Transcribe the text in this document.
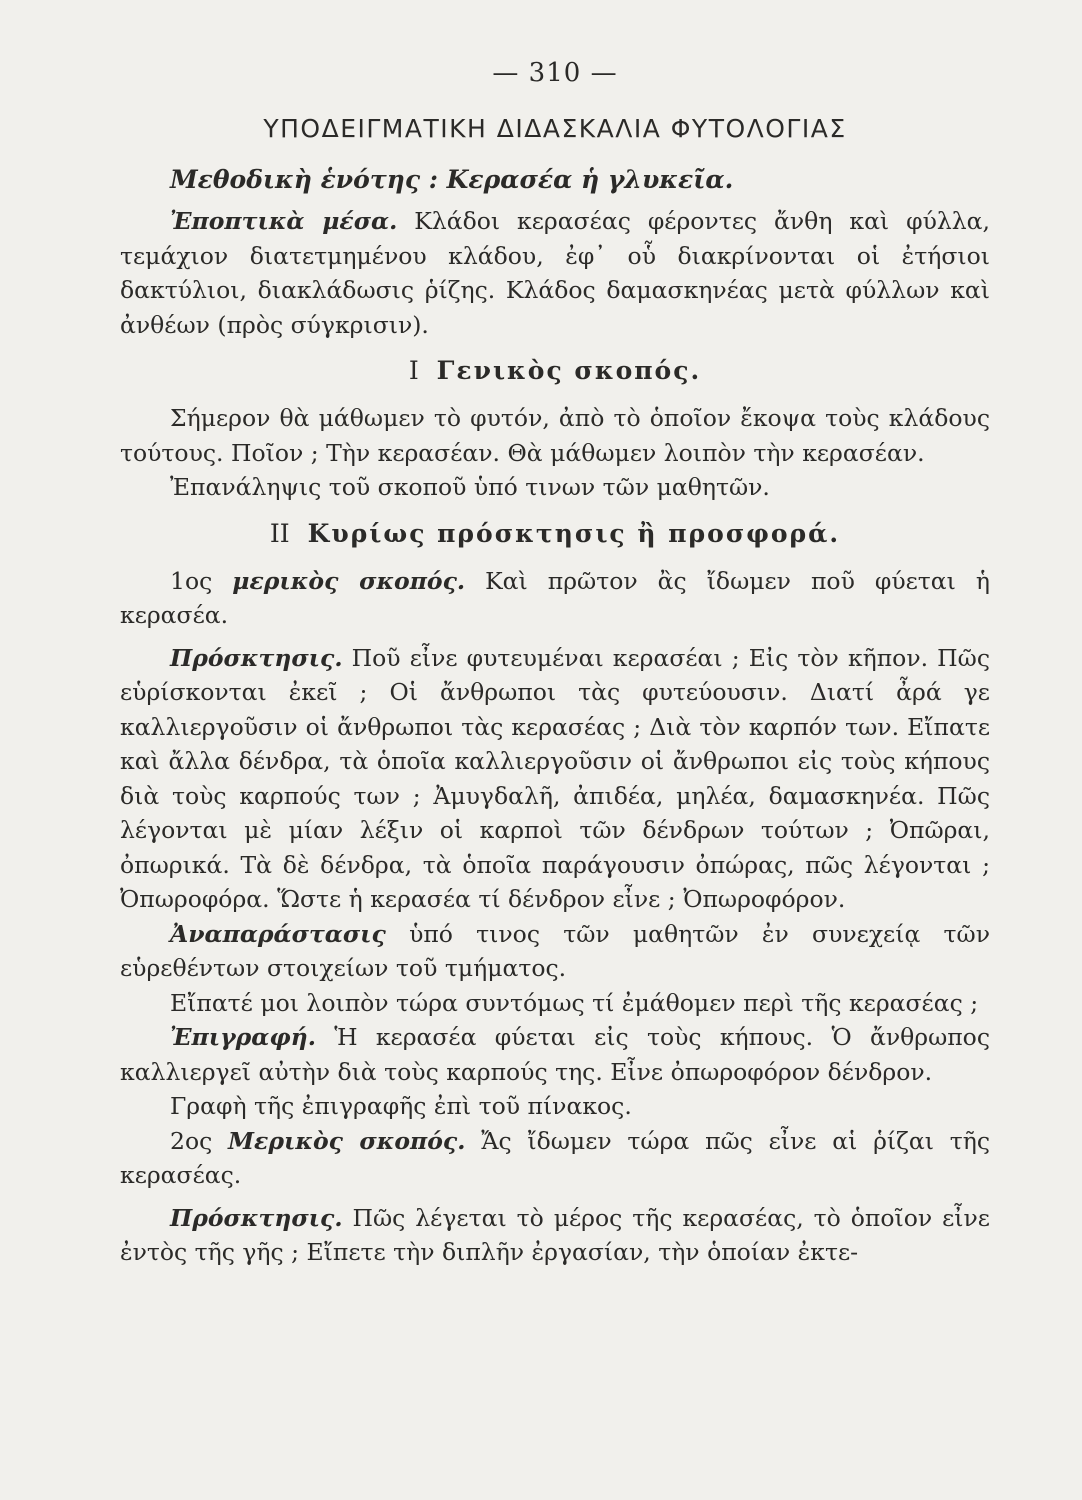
— 310 —
ΥΠΟΔΕΙΓΜΑΤΙΚΗ ΔΙΔΑΣΚΑΛΙΑ ΦΥΤΟΛΟΓΙΑΣ
Μεθοδικὴ ἑνότης : Κερασέα ἡ γλυκεῖα.

Ἐποπτικὰ μέσα. Κλάδοι κερασέας φέροντες ἄνθη καὶ φύλλα, τεμάχιον διατετμημένου κλάδου, ἐφ᾽ οὗ διακρίνονται οἱ ἐτήσιοι δακτύλιοι, διακλάδωσις ῥίζης. Κλάδος δαμασκηνέας μετὰ φύλλων καὶ ἀνθέων (πρὸς σύγκρισιν).

I Γενικὸς σκοπός.

Σήμερον θὰ μάθωμεν τὸ φυτόν, ἀπὸ τὸ ὁποῖον ἔκοψα τοὺς κλάδους τούτους. Ποῖον ; Τὴν κερασέαν. Θὰ μάθωμεν λοιπὸν τὴν κερασέαν.

Ἐπανάληψις τοῦ σκοποῦ ὑπό τινων τῶν μαθητῶν.

II Κυρίως πρόσκτησις ἢ προσφορά.

1ος μερικὸς σκοπός. Καὶ πρῶτον ἂς ἴδωμεν ποῦ φύεται ἡ κερασέα.

Πρόσκτησις. Ποῦ εἶνε φυτευμέναι κερασέαι ; Εἰς τὸν κῆπον. Πῶς εὑρίσκονται ἐκεῖ ; Οἱ ἄνθρωποι τὰς φυτεύουσιν. Διατί ἆρά γε καλλιεργοῦσιν οἱ ἄνθρωποι τὰς κερασέας ; Διὰ τὸν καρπόν των. Εἴπατε καὶ ἄλλα δένδρα, τὰ ὁποῖα καλλιεργοῦσιν οἱ ἄνθρωποι εἰς τοὺς κήπους διὰ τοὺς καρπούς των ; Ἀμυγδαλῆ, ἀπιδέα, μηλέα, δαμασκηνέα. Πῶς λέγονται μὲ μίαν λέξιν οἱ καρποὶ τῶν δένδρων τούτων ; Ὀπῶραι, ὀπωρικά. Τὰ δὲ δένδρα, τὰ ὁποῖα παράγουσιν ὀπώρας, πῶς λέγονται ; Ὀπωροφόρα. Ὥστε ἡ κερασέα τί δένδρον εἶνε ; Ὀπωροφόρον.

Ἀναπαράστασις ὑπό τινος τῶν μαθητῶν ἐν συνεχείᾳ τῶν εὑρεθέντων στοιχείων τοῦ τμήματος.

Εἴπατέ μοι λοιπὸν τώρα συντόμως τί ἐμάθομεν περὶ τῆς κερασέας ;

Ἐπιγραφή. Ἡ κερασέα φύεται εἰς τοὺς κήπους. Ὁ ἄνθρωπος καλλιεργεῖ αὐτὴν διὰ τοὺς καρπούς της. Εἶνε ὀπωροφόρον δένδρον.

Γραφὴ τῆς ἐπιγραφῆς ἐπὶ τοῦ πίνακος.

2ος Μερικὸς σκοπός. Ἄς ἴδωμεν τώρα πῶς εἶνε αἱ ῥίζαι τῆς κερασέας.

Πρόσκτησις. Πῶς λέγεται τὸ μέρος τῆς κερασέας, τὸ ὁποῖον εἶνε ἐντὸς τῆς γῆς ; Εἴπετε τὴν διπλῆν ἐργασίαν, τὴν ὁποίαν ἐκτε-
